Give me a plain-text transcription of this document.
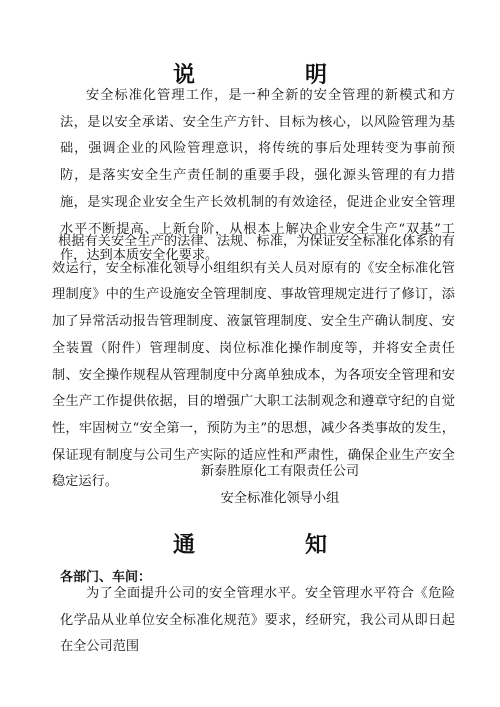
说　明

安全标准化管理工作，是一种全新的安全管理的新模式和方法，是以安全承诺、安全生产方针、目标为核心，以风险管理为基础，强调企业的风险管理意识，将传统的事后处理转变为事前预防，是落实安全生产责任制的重要手段，强化源头管理的有力措施，是实现企业安全生产长效机制的有效途径，促进企业安全管理水平不断提高、上新台阶，从根本上解决企业安全生产“双基”工作，达到本质安全化要求。

根据有关安全生产的法律、法规、标准，为保证安全标准化体系的有效运行，安全标准化领导小组组织有关人员对原有的《安全标准化管理制度》中的生产设施安全管理制度、事故管理规定进行了修订，添加了异常活动报告管理制度、液氯管理制度、安全生产确认制度、安全装置（附件）管理制度、岗位标准化操作制度等，并将安全责任制、安全操作规程从管理制度中分离单独成本，为各项安全管理和安全生产工作提供依据，目的增强广大职工法制观念和遵章守纪的自觉性，牢固树立“安全第一，预防为主”的思想，减少各类事故的发生，保证现有制度与公司生产实际的适应性和严肃性，确保企业生产安全稳定运行。

新泰胜原化工有限责任公司
安全标准化领导小组
通　知
各部门、车间：

为了全面提升公司的安全管理水平。安全管理水平符合《危险化学品从业单位安全标准化规范》要求，经研究，我公司从即日起在全公司范围
